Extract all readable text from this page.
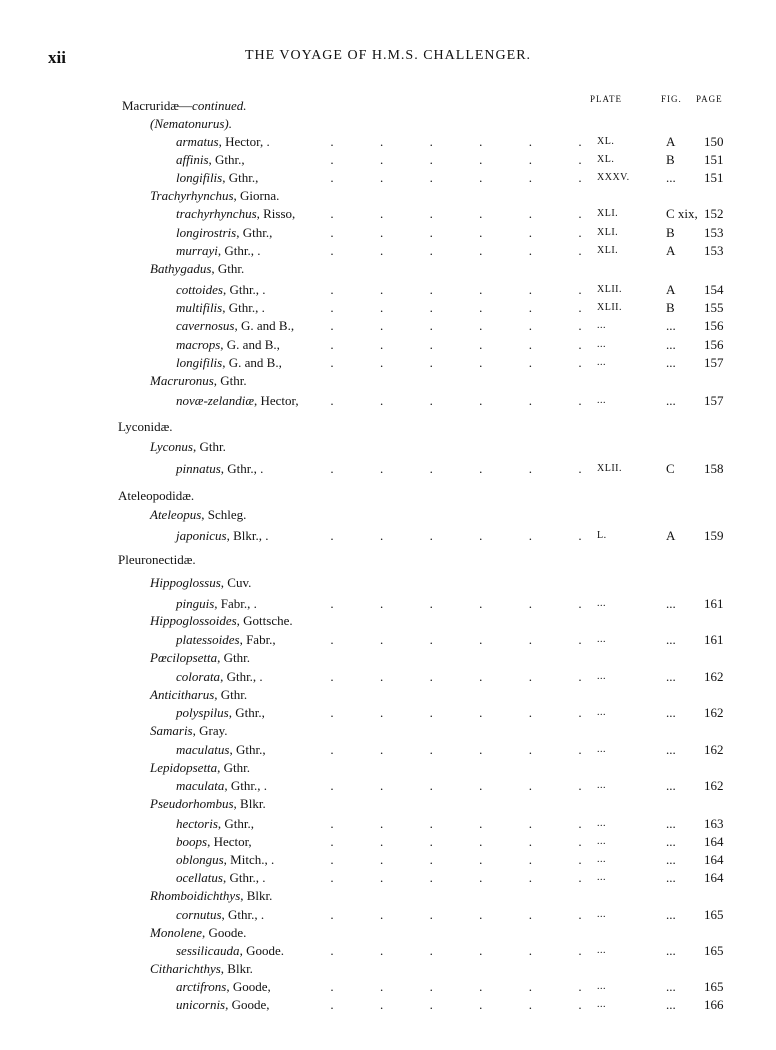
xii	THE VOYAGE OF H.M.S. CHALLENGER.
PLATE	FIG. PAGE
Macruridæ—continued.
(Nematonurus).
armatus, Hector, .	.	.	.	.	.	. XL.	A 150
affinis, Gthr.,	.	.	.	.	.	. XL.	B 151
longifilis, Gthr.,	.	.	.	.	.	. XXXV.	... 151
Trachyrhynchus, Giorna.
trachyrhynchus, Risso,	.	.	.	.	.	. XLI.	C xix, 152
longirostris, Gthr.,	.	.	.	.	.	. XLI.	B 153
murrayi, Gthr., .	.	.	.	.	.	. XLI.	A 153
Bathygadus, Gthr.
cottoides, Gthr., .	.	.	.	.	.	. XLII.	A 154
multifilis, Gthr., .	.	.	.	.	.	. XLII.	B 155
cavernosus, G. and B.,	.	.	.	.	.	. ...	... 156
macrops, G. and B.,	.	.	.	.	.	. ...	... 156
longifilis, G. and B.,	.	.	.	.	.	. ...	... 157
Macruronus, Gthr.
novæ-zelandiæ, Hector, .	.	.	.	.	. ...	... 157
Lyconidæ.
Lyconus, Gthr.
pinnatus, Gthr., .	.	.	.	.	.	. XLII.	C 158
Ateleopodidæ.
Ateleopus, Schleg.
japonicus, Blkr., .	.	.	.	.	.	. L.	A 159
Pleuronectidæ.
Hippoglossus, Cuv.
pinguis, Fabr., .	.	.	.	.	.	. ...	... 161
Hippoglossoides, Gottsche.
platessoides, Fabr.,	.	.	.	.	.	. ...	... 161
Pœcilopsetta, Gthr.
colorata, Gthr., .	.	.	.	.	.	. ...	... 162
Anticitharus, Gthr.
polyspilus, Gthr.,	.	.	.	.	.	. ...	... 162
Samaris, Gray.
maculatus, Gthr.,	.	.	.	.	.	. ...	... 162
Lepidopsetta, Gthr.
maculata, Gthr., .	.	.	.	.	.	. ...	... 162
Pseudorhombus, Blkr.
hectoris, Gthr.,	.	.	.	.	.	. ...	... 163
boops, Hector,	.	.	.	.	.	. ...	... 164
oblongus, Mitch., .	.	.	.	.	.	. ...	... 164
ocellatus, Gthr., .	.	.	.	.	.	. ...	... 164
Rhomboidichthys, Blkr.
cornutus, Gthr., .	.	.	.	.	.	. ...	... 165
Monolene, Goode.
sessilicauda, Goode.	.	.	.	.	.	. ...	... 165
Citharichthys, Blkr.
arctifrons, Goode,	.	.	.	.	.	. ...	... 165
unicornis, Goode,	.	.	.	.	.	. ...	... 166
